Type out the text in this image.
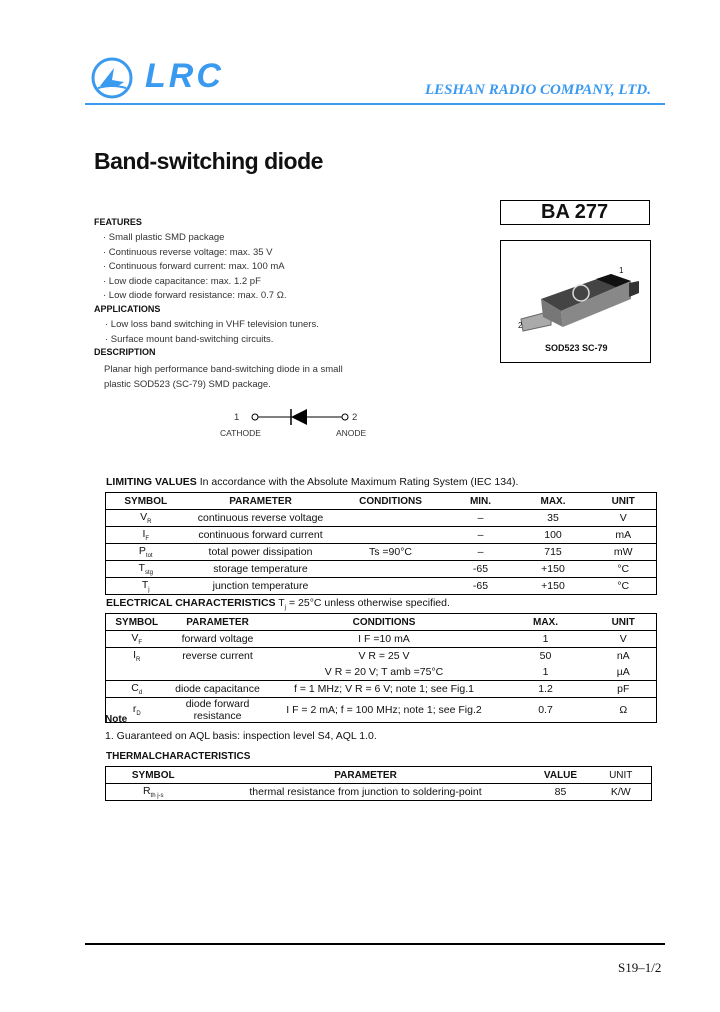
LRC	LESHAN RADIO COMPANY, LTD.
Band-switching diode
BA 277
1
2
SOD523 SC-79
FEATURES
· Small plastic SMD package
· Continuous reverse voltage: max. 35 V
· Continuous forward current: max. 100 mA
· Low diode capacitance: max. 1.2 pF
· Low diode forward resistance: max. 0.7 Ω.
APPLICATIONS
· Low loss band switching in VHF television tuners.
· Surface mount band-switching circuits.
DESCRIPTION
Planar high performance band-switching diode in a small
plastic SOD523 (SC-79) SMD package.
1	2
CATHODE	ANODE
LIMITING VALUES In accordance with the Absolute Maximum Rating System (IEC 134).
SYMBOL	PARAMETER	CONDITIONS	MIN.	MAX.	UNIT
$V_R$	continuous reverse voltage		–	35	V
$I_F$	continuous forward current		–	100	mA
$P_{tot}$	total power dissipation	Ts =90°C	–	715	mW
$T_{stg}$	storage temperature		-65	+150	°C
$T_j$	junction temperature		-65	+150	°C
ELECTRICAL CHARACTERISTICS $T_j = 25^\circ C$ unless otherwise specified.
SYMBOL	PARAMETER	CONDITIONS	MAX.	UNIT
$V_F$	forward voltage	I F =10 mA	1	V
$I_R$	reverse current	V R = 25 V	50	nA
		V R = 20 V; T amb =75°C	1	µA
$C_d$	diode capacitance	f = 1 MHz; V R = 6 V; note 1; see Fig.1	1.2	pF
$r_D$	diode forward resistance	I F = 2 mA; f = 100 MHz; note 1; see Fig.2	0.7	Ω
Note
1. Guaranteed on AQL basis: inspection level S4, AQL 1.0.
THERMALCHARACTERISTICS
SYMBOL	PARAMETER	VALUE	UNIT
$R_{th j-s}$	thermal resistance from junction to soldering-point	85	K/W
S19–1/2
